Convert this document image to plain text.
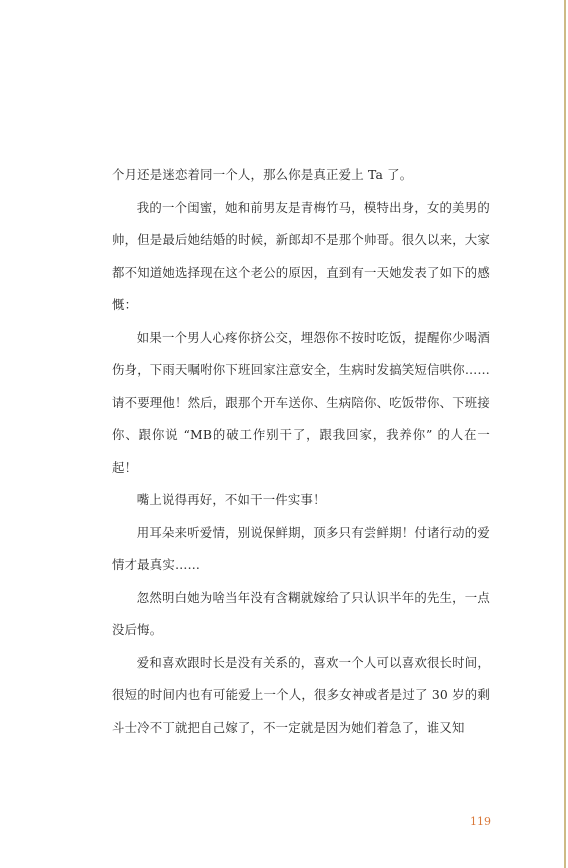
个月还是迷恋着同一个人，那么你是真正爱上 Ta 了。

我的一个闺蜜，她和前男友是青梅竹马，模特出身，女的美男的帅，但是最后她结婚的时候，新郎却不是那个帅哥。很久以来，大家都不知道她选择现在这个老公的原因，直到有一天她发表了如下的感慨：

如果一个男人心疼你挤公交，埋怨你不按时吃饭，提醒你少喝酒伤身，下雨天嘱咐你下班回家注意安全，生病时发搞笑短信哄你……请不要理他！然后，跟那个开车送你、生病陪你、吃饭带你、下班接你、跟你说 “MB的破工作别干了，跟我回家，我养你” 的人在一起！

嘴上说得再好，不如干一件实事！

用耳朵来听爱情，别说保鲜期，顶多只有尝鲜期！付诸行动的爱情才最真实……

忽然明白她为啥当年没有含糊就嫁给了只认识半年的先生，一点没后悔。

爱和喜欢跟时长是没有关系的，喜欢一个人可以喜欢很长时间，很短的时间内也有可能爱上一个人，很多女神或者是过了 30 岁的剩斗士冷不丁就把自己嫁了，不一定就是因为她们着急了，谁又知

119
